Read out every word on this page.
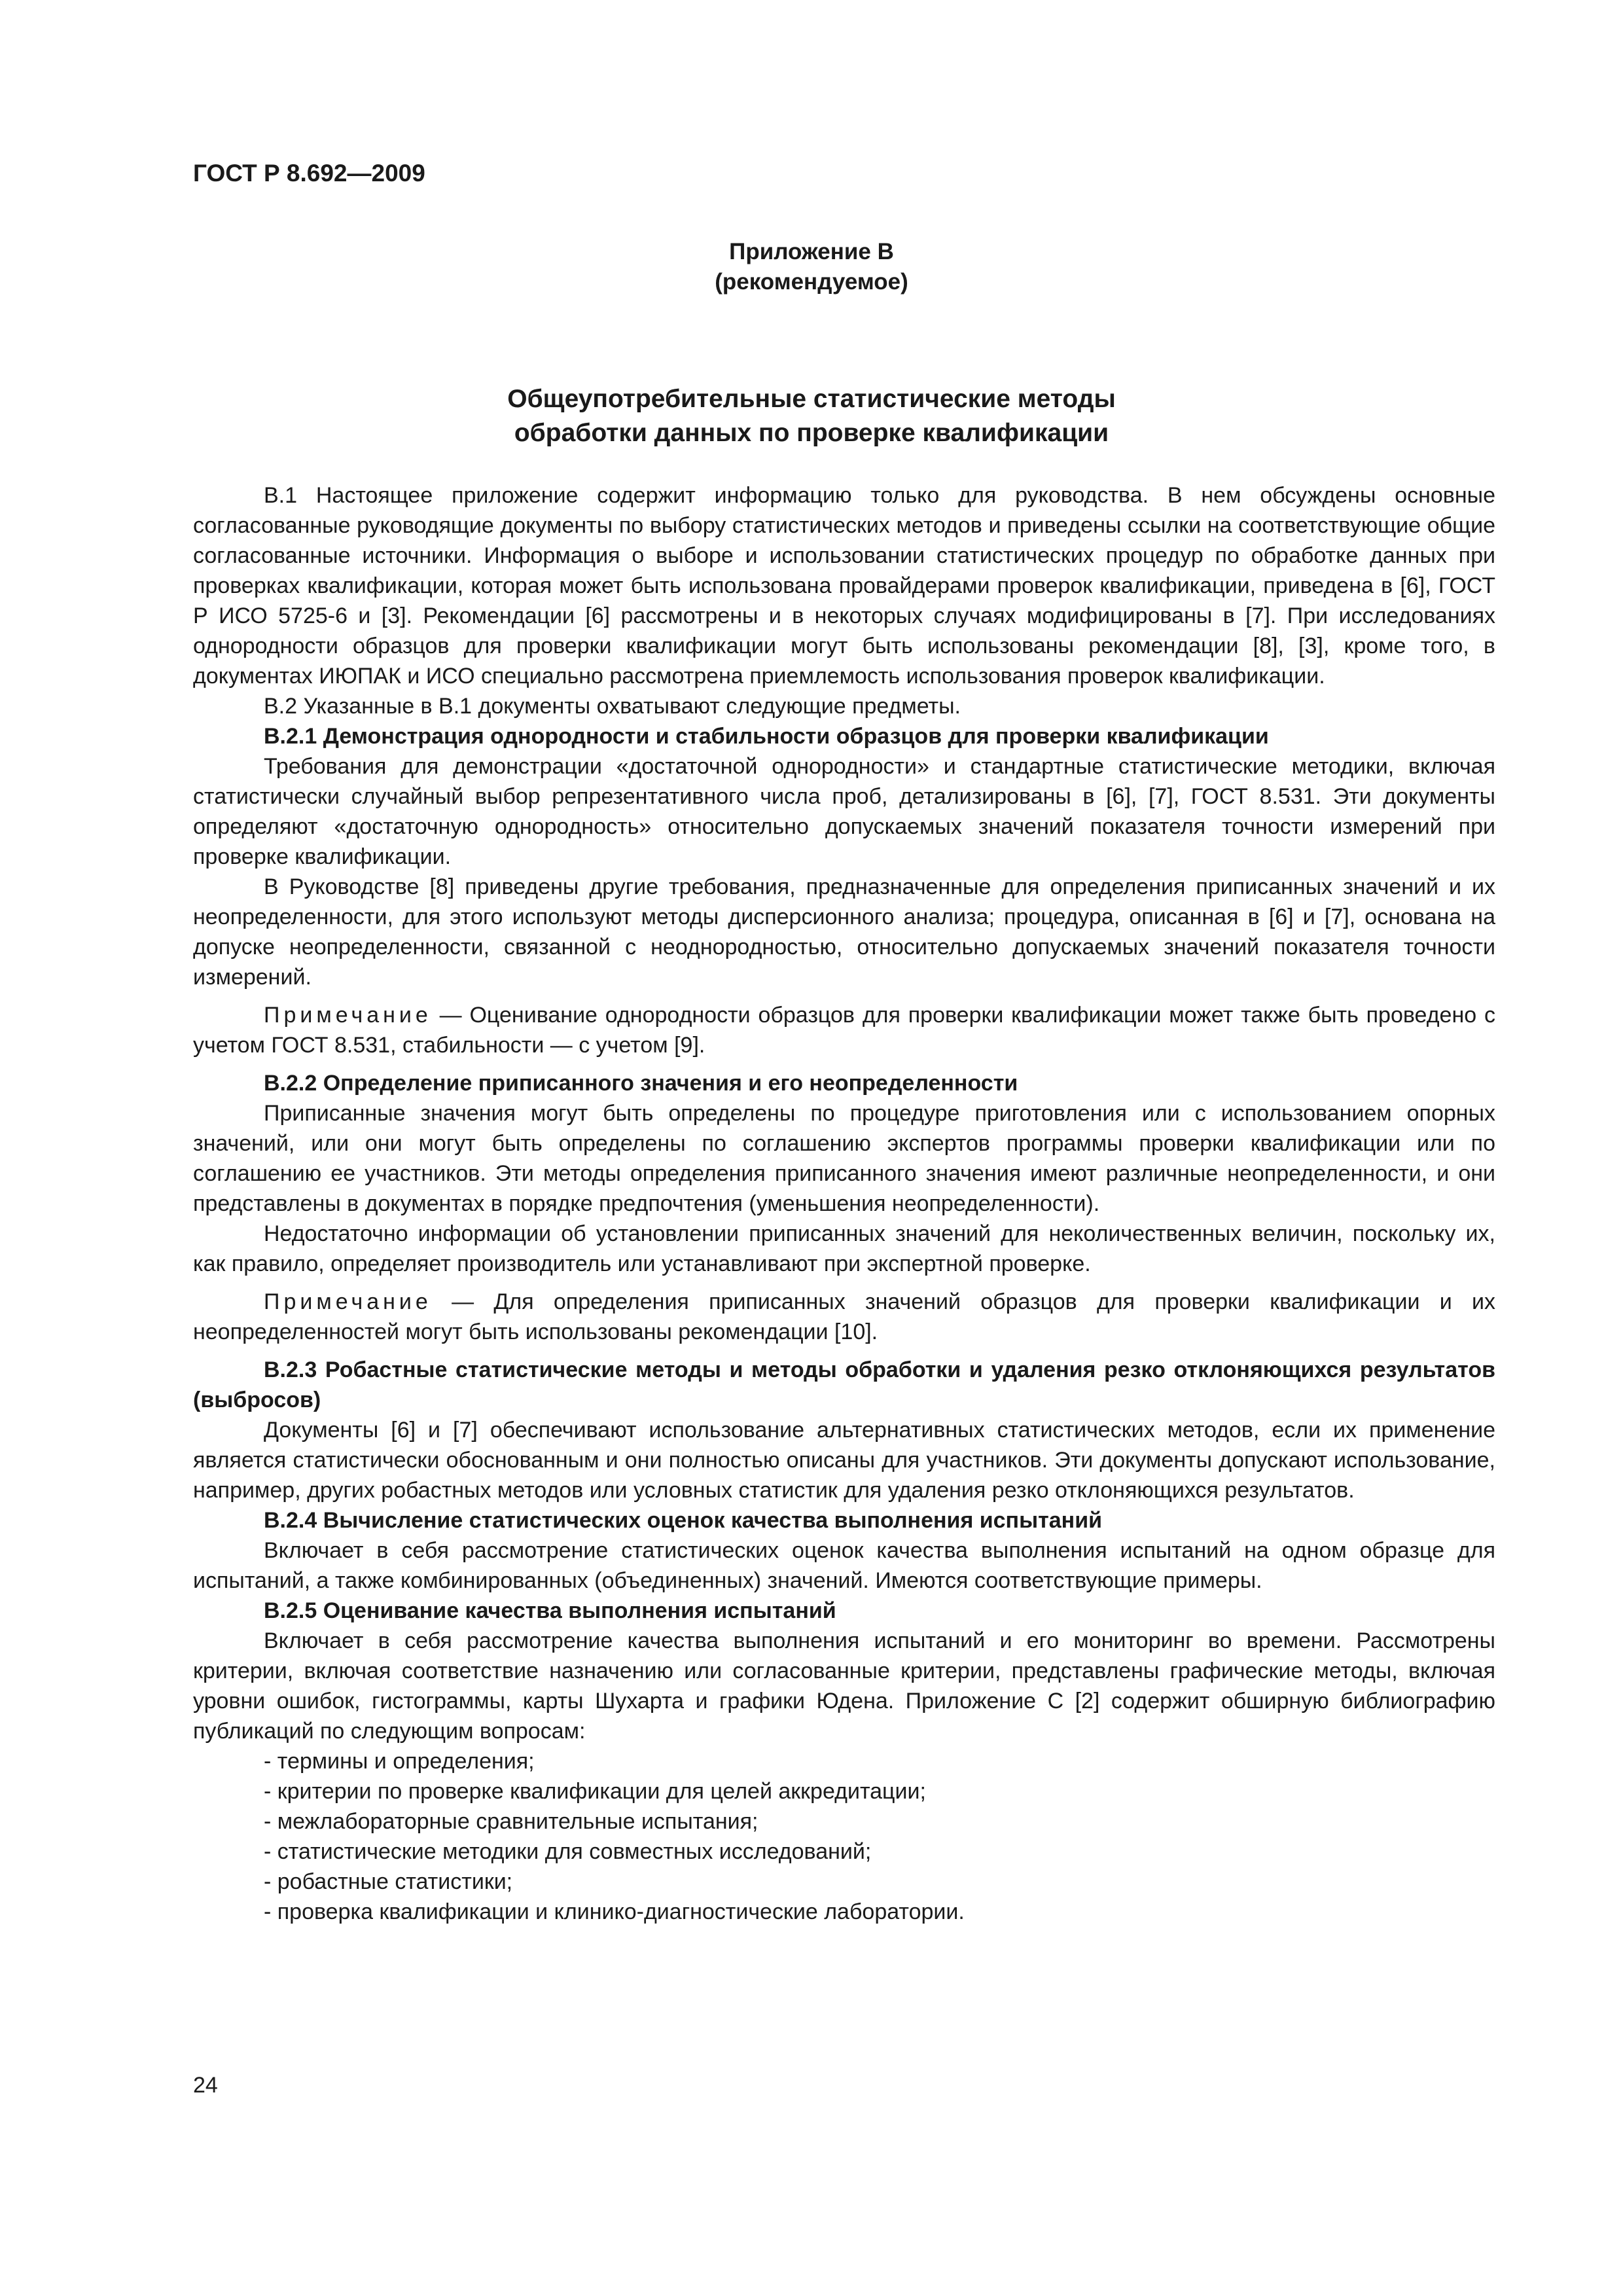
ГОСТ Р 8.692—2009
Приложение В
(рекомендуемое)
Общеупотребительные статистические методы
обработки данных по проверке квалификации

В.1 Настоящее приложение содержит информацию только для руководства. В нем обсуждены основные согласованные руководящие документы по выбору статистических методов и приведены ссылки на соответствующие общие согласованные источники. Информация о выборе и использовании статистических процедур по обработке данных при проверках квалификации, которая может быть использована провайдерами проверок квалификации, приведена в [6], ГОСТ Р ИСО 5725-6 и [3]. Рекомендации [6] рассмотрены и в некоторых случаях модифицированы в [7]. При исследованиях однородности образцов для проверки квалификации могут быть использованы рекомендации [8], [3], кроме того, в документах ИЮПАК и ИСО специально рассмотрена приемлемость использования проверок квалификации.

В.2 Указанные в В.1 документы охватывают следующие предметы.

В.2.1 Демонстрация однородности и стабильности образцов для проверки квалификации

Требования для демонстрации «достаточной однородности» и стандартные статистические методики, включая статистически случайный выбор репрезентативного числа проб, детализированы в [6], [7], ГОСТ 8.531. Эти документы определяют «достаточную однородность» относительно допускаемых значений показателя точности измерений при проверке квалификации.

В Руководстве [8] приведены другие требования, предназначенные для определения приписанных значений и их неопределенности, для этого используют методы дисперсионного анализа; процедура, описанная в [6] и [7], основана на допуске неопределенности, связанной с неоднородностью, относительно допускаемых значений показателя точности измерений.

Примечание — Оценивание однородности образцов для проверки квалификации может также быть проведено с учетом ГОСТ 8.531, стабильности — с учетом [9].

В.2.2 Определение приписанного значения и его неопределенности

Приписанные значения могут быть определены по процедуре приготовления или с использованием опорных значений, или они могут быть определены по соглашению экспертов программы проверки квалификации или по соглашению ее участников. Эти методы определения приписанного значения имеют различные неопределенности, и они представлены в документах в порядке предпочтения (уменьшения неопределенности).

Недостаточно информации об установлении приписанных значений для неколичественных величин, поскольку их, как правило, определяет производитель или устанавливают при экспертной проверке.

Примечание — Для определения приписанных значений образцов для проверки квалификации и их неопределенностей могут быть использованы рекомендации [10].

В.2.3 Робастные статистические методы и методы обработки и удаления резко отклоняющихся результатов (выбросов)

Документы [6] и [7] обеспечивают использование альтернативных статистических методов, если их применение является статистически обоснованным и они полностью описаны для участников. Эти документы допускают использование, например, других робастных методов или условных статистик для удаления резко отклоняющихся результатов.

В.2.4 Вычисление статистических оценок качества выполнения испытаний

Включает в себя рассмотрение статистических оценок качества выполнения испытаний на одном образце для испытаний, а также комбинированных (объединенных) значений. Имеются соответствующие примеры.

В.2.5 Оценивание качества выполнения испытаний

Включает в себя рассмотрение качества выполнения испытаний и его мониторинг во времени. Рассмотрены критерии, включая соответствие назначению или согласованные критерии, представлены графические методы, включая уровни ошибок, гистограммы, карты Шухарта и графики Юдена. Приложение С [2] содержит обширную библиографию публикаций по следующим вопросам:

- термины и определения;
- критерии по проверке квалификации для целей аккредитации;
- межлабораторные сравнительные испытания;
- статистические методики для совместных исследований;
- робастные статистики;
- проверка квалификации и клинико-диагностические лаборатории.
24
